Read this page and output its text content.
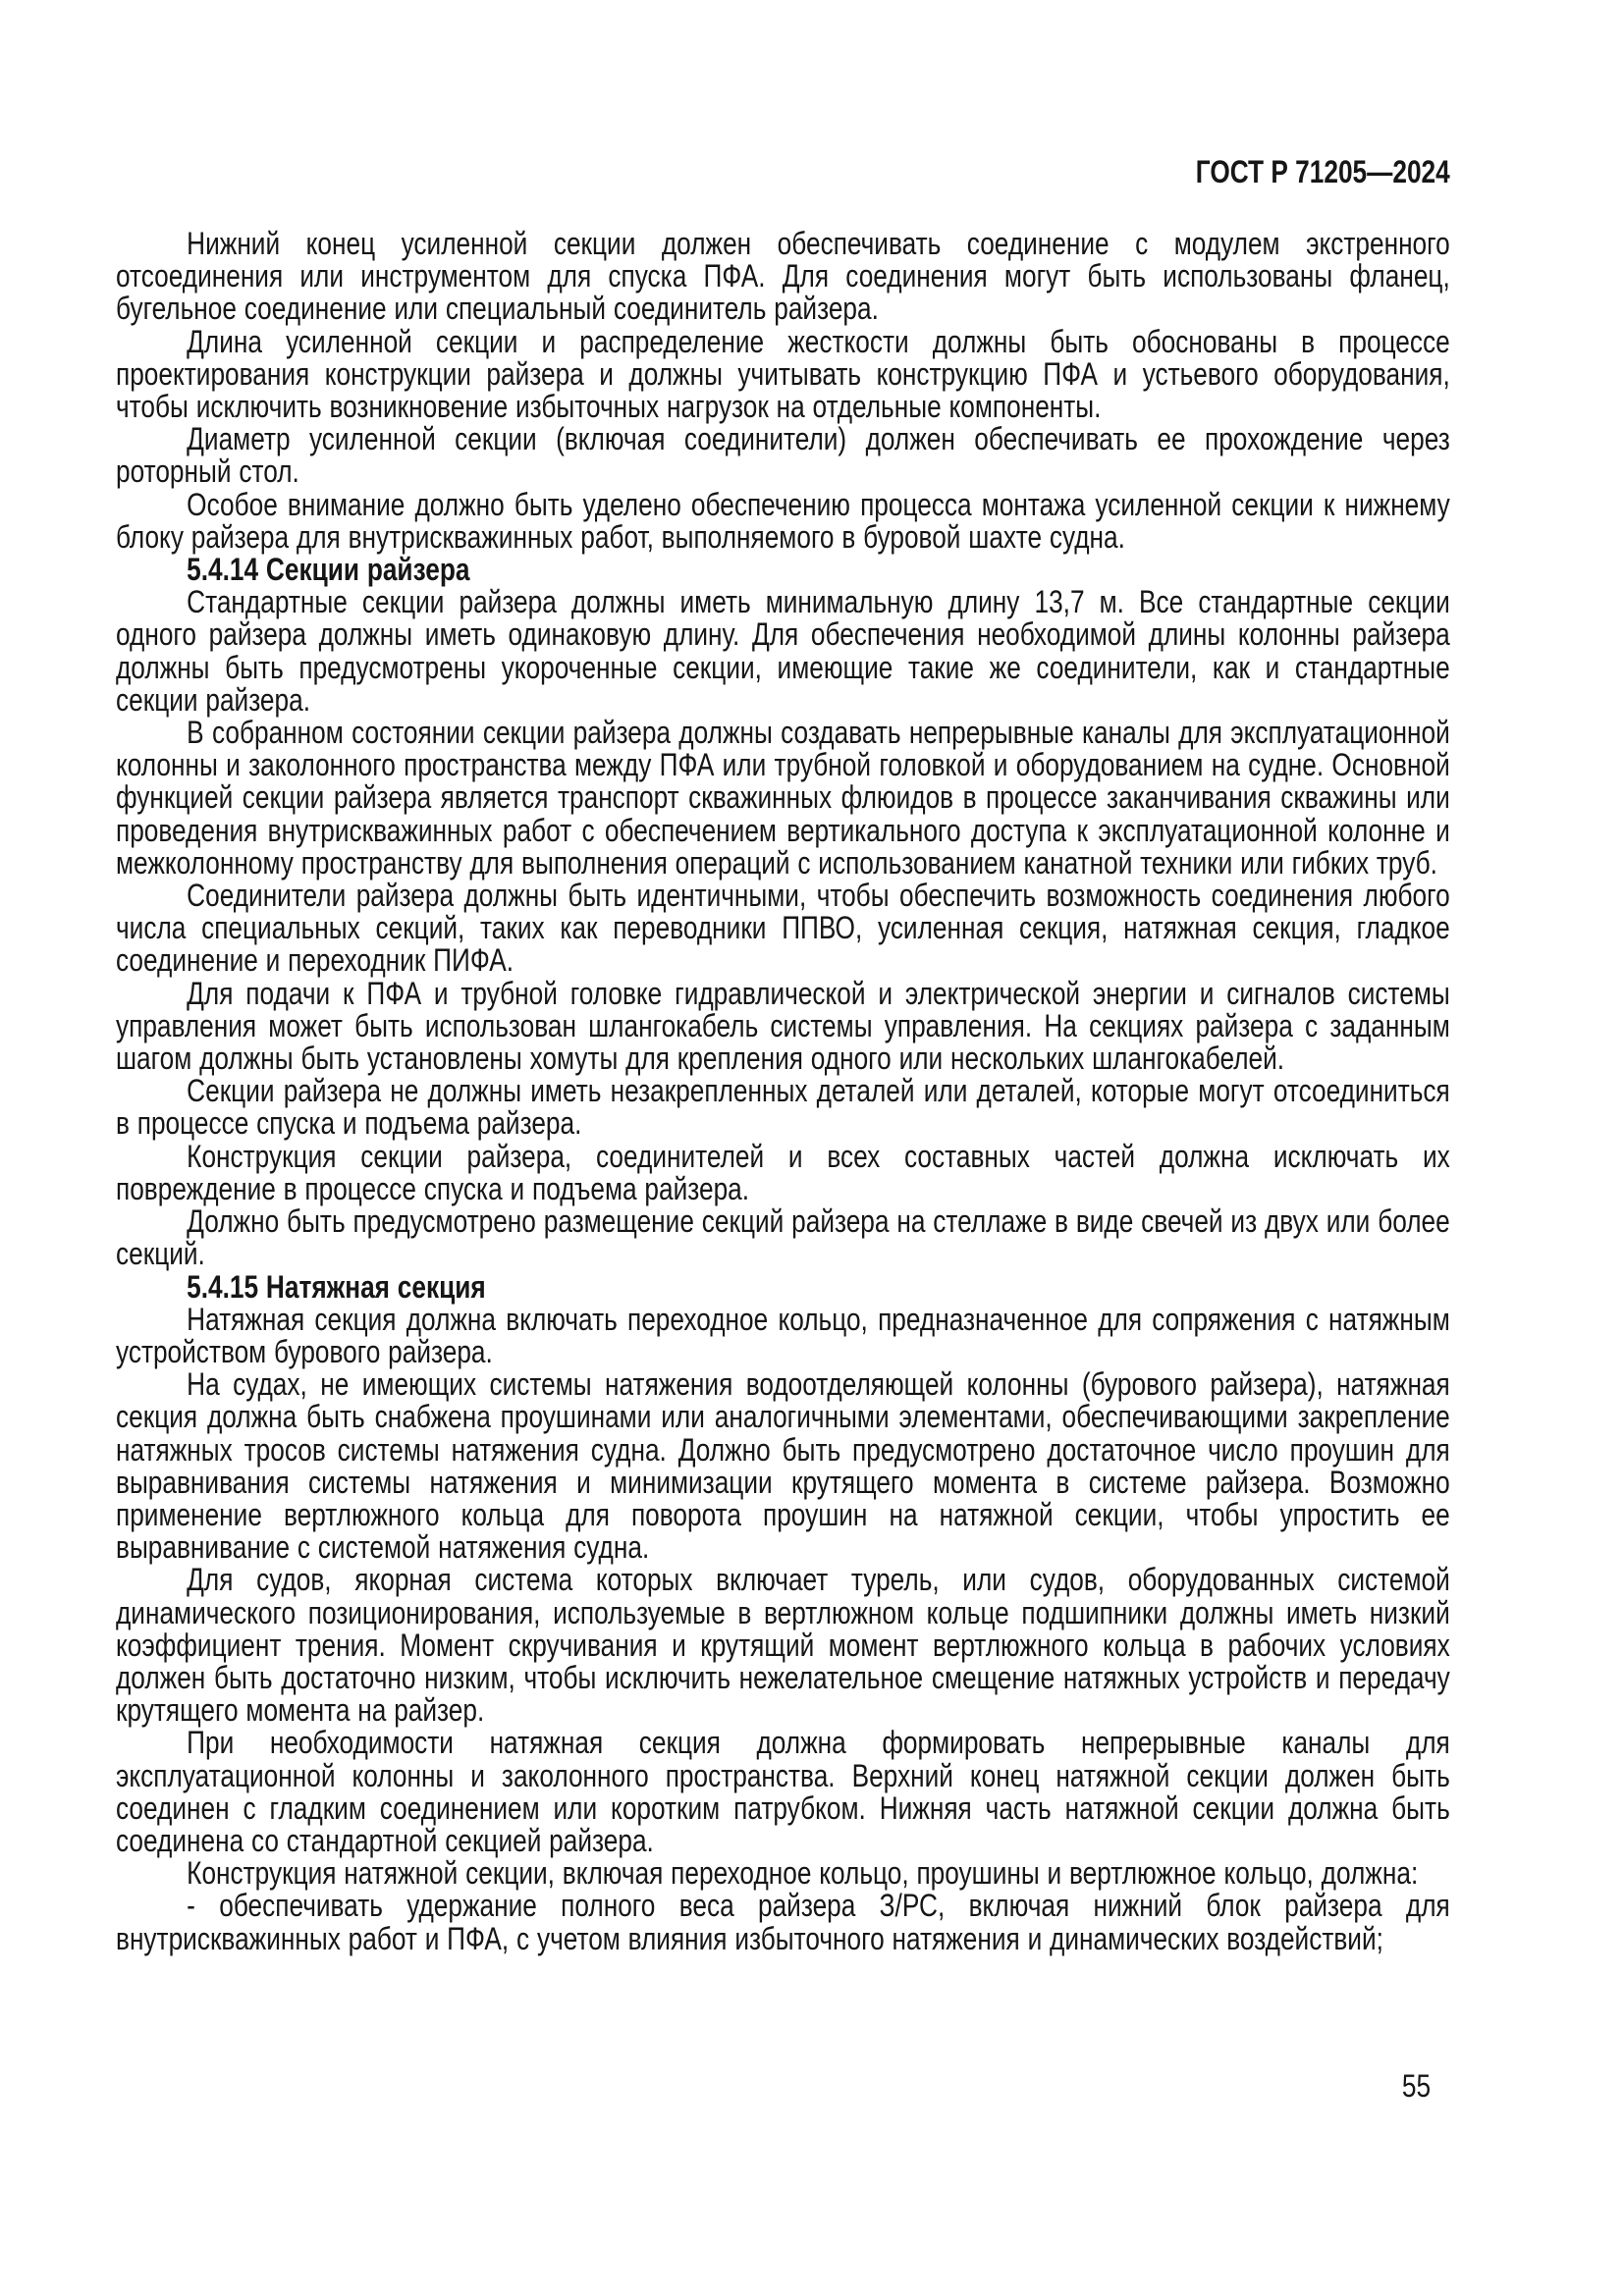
ГОСТ Р 71205—2024

Нижний конец усиленной секции должен обеспечивать соединение с модулем экстренного отсоединения или инструментом для спуска ПФА. Для соединения могут быть использованы фланец, бугельное соединение или специальный соединитель райзера.

Длина усиленной секции и распределение жесткости должны быть обоснованы в процессе проектирования конструкции райзера и должны учитывать конструкцию ПФА и устьевого оборудования, чтобы исключить возникновение избыточных нагрузок на отдельные компоненты.

Диаметр усиленной секции (включая соединители) должен обеспечивать ее прохождение через роторный стол.

Особое внимание должно быть уделено обеспечению процесса монтажа усиленной секции к нижнему блоку райзера для внутрискважинных работ, выполняемого в буровой шахте судна.

5.4.14 Секции райзера

Стандартные секции райзера должны иметь минимальную длину 13,7 м. Все стандартные секции одного райзера должны иметь одинаковую длину. Для обеспечения необходимой длины колонны райзера должны быть предусмотрены укороченные секции, имеющие такие же соединители, как и стандартные секции райзера.

В собранном состоянии секции райзера должны создавать непрерывные каналы для эксплуатационной колонны и заколонного пространства между ПФА или трубной головкой и оборудованием на судне. Основной функцией секции райзера является транспорт скважинных флюидов в процессе заканчивания скважины или проведения внутрискважинных работ с обеспечением вертикального доступа к эксплуатационной колонне и межколонному пространству для выполнения операций с использованием канатной техники или гибких труб.

Соединители райзера должны быть идентичными, чтобы обеспечить возможность соединения любого числа специальных секций, таких как переводники ППВО, усиленная секция, натяжная секция, гладкое соединение и переходник ПИФА.

Для подачи к ПФА и трубной головке гидравлической и электрической энергии и сигналов системы управления может быть использован шлангокабель системы управления. На секциях райзера с заданным шагом должны быть установлены хомуты для крепления одного или нескольких шлангокабелей.

Секции райзера не должны иметь незакрепленных деталей или деталей, которые могут отсоединиться в процессе спуска и подъема райзера.

Конструкция секции райзера, соединителей и всех составных частей должна исключать их повреждение в процессе спуска и подъема райзера.

Должно быть предусмотрено размещение секций райзера на стеллаже в виде свечей из двух или более секций.

5.4.15 Натяжная секция

Натяжная секция должна включать переходное кольцо, предназначенное для сопряжения с натяжным устройством бурового райзера.

На судах, не имеющих системы натяжения водоотделяющей колонны (бурового райзера), натяжная секция должна быть снабжена проушинами или аналогичными элементами, обеспечивающими закрепление натяжных тросов системы натяжения судна. Должно быть предусмотрено достаточное число проушин для выравнивания системы натяжения и минимизации крутящего момента в системе райзера. Возможно применение вертлюжного кольца для поворота проушин на натяжной секции, чтобы упростить ее выравнивание с системой натяжения судна.

Для судов, якорная система которых включает турель, или судов, оборудованных системой динамического позиционирования, используемые в вертлюжном кольце подшипники должны иметь низкий коэффициент трения. Момент скручивания и крутящий момент вертлюжного кольца в рабочих условиях должен быть достаточно низким, чтобы исключить нежелательное смещение натяжных устройств и передачу крутящего момента на райзер.

При необходимости натяжная секция должна формировать непрерывные каналы для эксплуатационной колонны и заколонного пространства. Верхний конец натяжной секции должен быть соединен с гладким соединением или коротким патрубком. Нижняя часть натяжной секции должна быть соединена со стандартной секцией райзера.

Конструкция натяжной секции, включая переходное кольцо, проушины и вертлюжное кольцо, должна:

- обеспечивать удержание полного веса райзера З/РС, включая нижний блок райзера для внутрискважинных работ и ПФА, с учетом влияния избыточного натяжения и динамических воздействий;

55
